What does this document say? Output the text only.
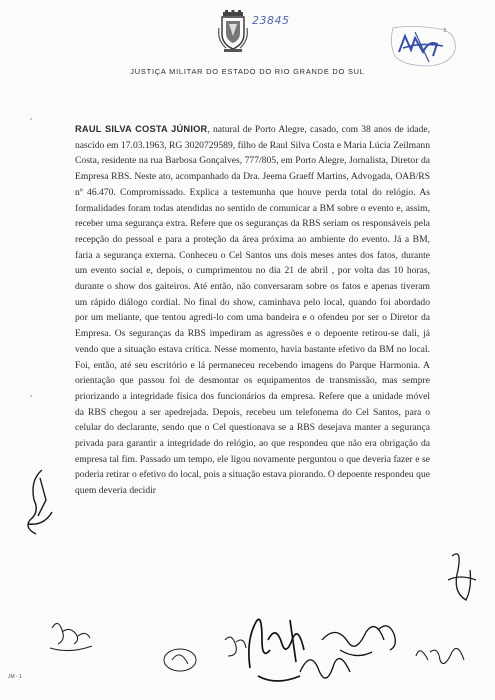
23845
3
JUSTIÇA MILITAR DO ESTADO DO RIO GRANDE DO SUL
RAUL SILVA COSTA JÚNIOR, natural de Porto Alegre, casado, com 38 anos de idade, nascido em 17.03.1963, RG 3020729589, filho de Raul Silva Costa e Maria Lúcia Zeilmann Costa, residente na rua Barbosa Gonçalves, 777/805, em Porto Alegre, Jornalista, Diretor da Empresa RBS. Neste ato, acompanhado da Dra. Jeema Graeff Martins, Advogada, OAB/RS nº 46.470. Compromissado. Explica a testemunha que houve perda total do relógio. As formalidades foram todas atendidas no sentido de comunicar a BM sobre o evento e, assim, receber uma segurança extra. Refere que os seguranças da RBS seriam os responsáveis pela recepção do pessoal e para a proteção da área próxima ao ambiente do evento. Já a BM, faria a segurança externa. Conheceu o Cel Santos uns dois meses antes dos fatos, durante um evento social e, depois, o cumprimentou no dia 21 de abril , por volta das 10 horas, durante o show dos gaiteiros. Até então, não conversaram sobre os fatos e apenas tiveram um rápido diálogo cordial. No final do show, caminhava pelo local, quando foi abordado por um meliante, que tentou agredi-lo com uma bandeira e o ofendeu por ser o Diretor da Empresa. Os seguranças da RBS impediram as agressões e o depoente retirou-se dali, já vendo que a situação estava crítica. Nesse momento, havia bastante efetivo da BM no local. Foi, então, até seu escritório e lá permaneceu recebendo imagens do Parque Harmonia. A orientação que passou foi de desmontar os equipamentos de transmissão, mas sempre priorizando a integridade física dos funcionários da empresa. Refere que a unidade móvel da RBS chegou a ser apedrejada. Depois, recebeu um telefonema do Cel Santos, para o celular do declarante, sendo que o Cel questionava se a RBS desejava manter a segurança privada para garantir a integridade do relógio, ao que respondeu que não era obrigação da empresa tal fim. Passado um tempo, ele ligou novamente perguntou o que deveria fazer e se poderia retirar o efetivo do local, pois a situação estava piorando. O depoente respondeu que quem deveria decidir
JM - 1
